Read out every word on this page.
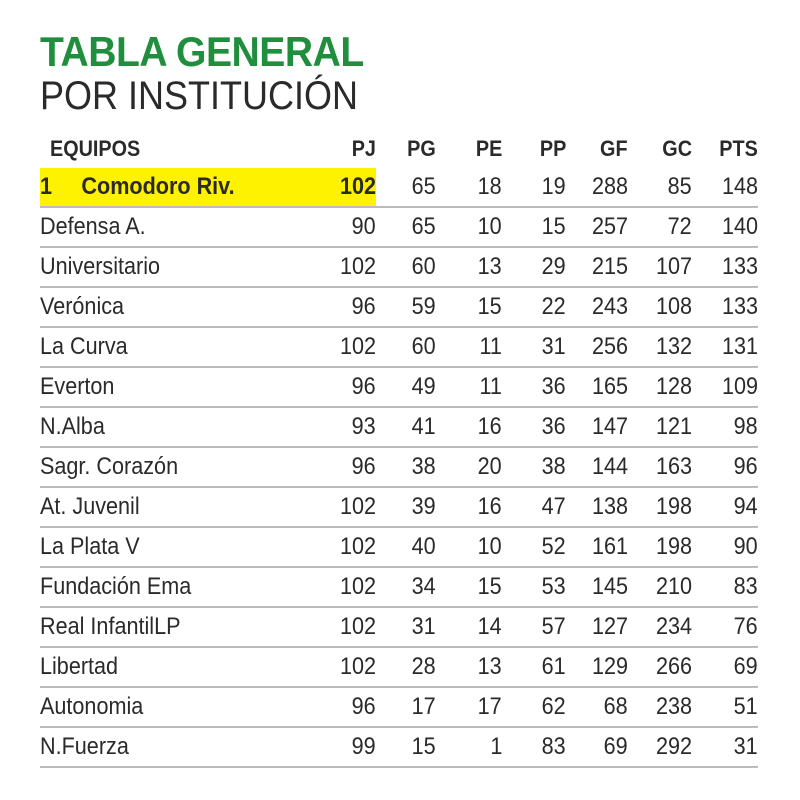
TABLA GENERAL
POR INSTITUCIÓN
EQUIPOS	PJ	PG	PE	PP	GF	GC	PTS
1 Comodoro Riv.	102	65	18	19	288	85	148
Defensa A.	90	65	10	15	257	72	140
Universitario	102	60	13	29	215	107	133
Verónica	96	59	15	22	243	108	133
La Curva	102	60	11	31	256	132	131
Everton	96	49	11	36	165	128	109
N.Alba	93	41	16	36	147	121	98
Sagr. Corazón	96	38	20	38	144	163	96
At. Juvenil	102	39	16	47	138	198	94
La Plata V	102	40	10	52	161	198	90
Fundación Ema	102	34	15	53	145	210	83
Real InfantilLP	102	31	14	57	127	234	76
Libertad	102	28	13	61	129	266	69
Autonomia	96	17	17	62	68	238	51
N.Fuerza	99	15	1	83	69	292	31
